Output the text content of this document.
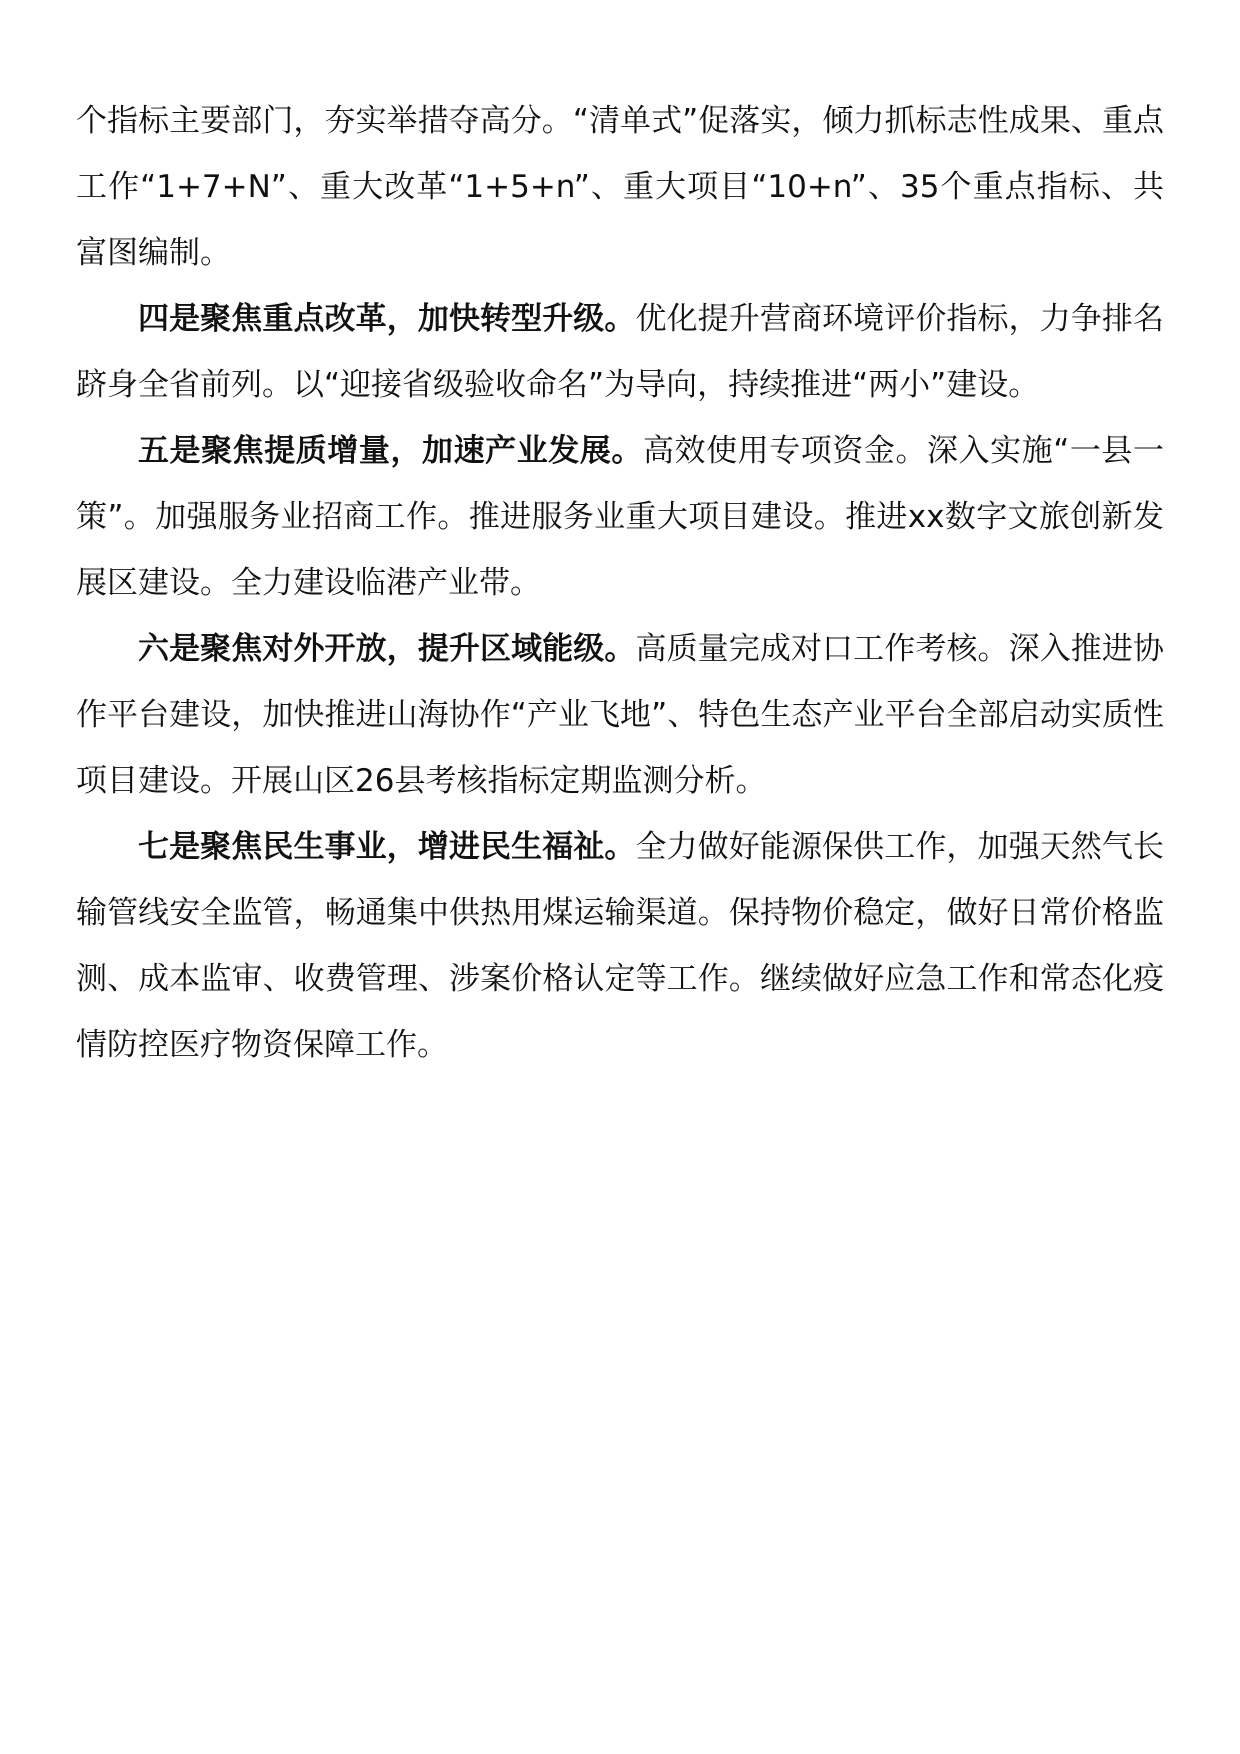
个指标主要部门，夯实举措夺高分。“清单式”促落实，倾力抓标志性成果、重点工作“1+7+N”、重大改革“1+5+n”、重大项目“10+n”、35个重点指标、共富图编制。

四是聚焦重点改革，加快转型升级。优化提升营商环境评价指标，力争排名跻身全省前列。以“迎接省级验收命名”为导向，持续推进“两小”建设。

五是聚焦提质增量，加速产业发展。高效使用专项资金。深入实施“一县一策”。加强服务业招商工作。推进服务业重大项目建设。推进xx数字文旅创新发展区建设。全力建设临港产业带。

六是聚焦对外开放，提升区域能级。高质量完成对口工作考核。深入推进协作平台建设，加快推进山海协作“产业飞地”、特色生态产业平台全部启动实质性项目建设。开展山区26县考核指标定期监测分析。

七是聚焦民生事业，增进民生福祉。全力做好能源保供工作，加强天然气长输管线安全监管，畅通集中供热用煤运输渠道。保持物价稳定，做好日常价格监测、成本监审、收费管理、涉案价格认定等工作。继续做好应急工作和常态化疫情防控医疗物资保障工作。
